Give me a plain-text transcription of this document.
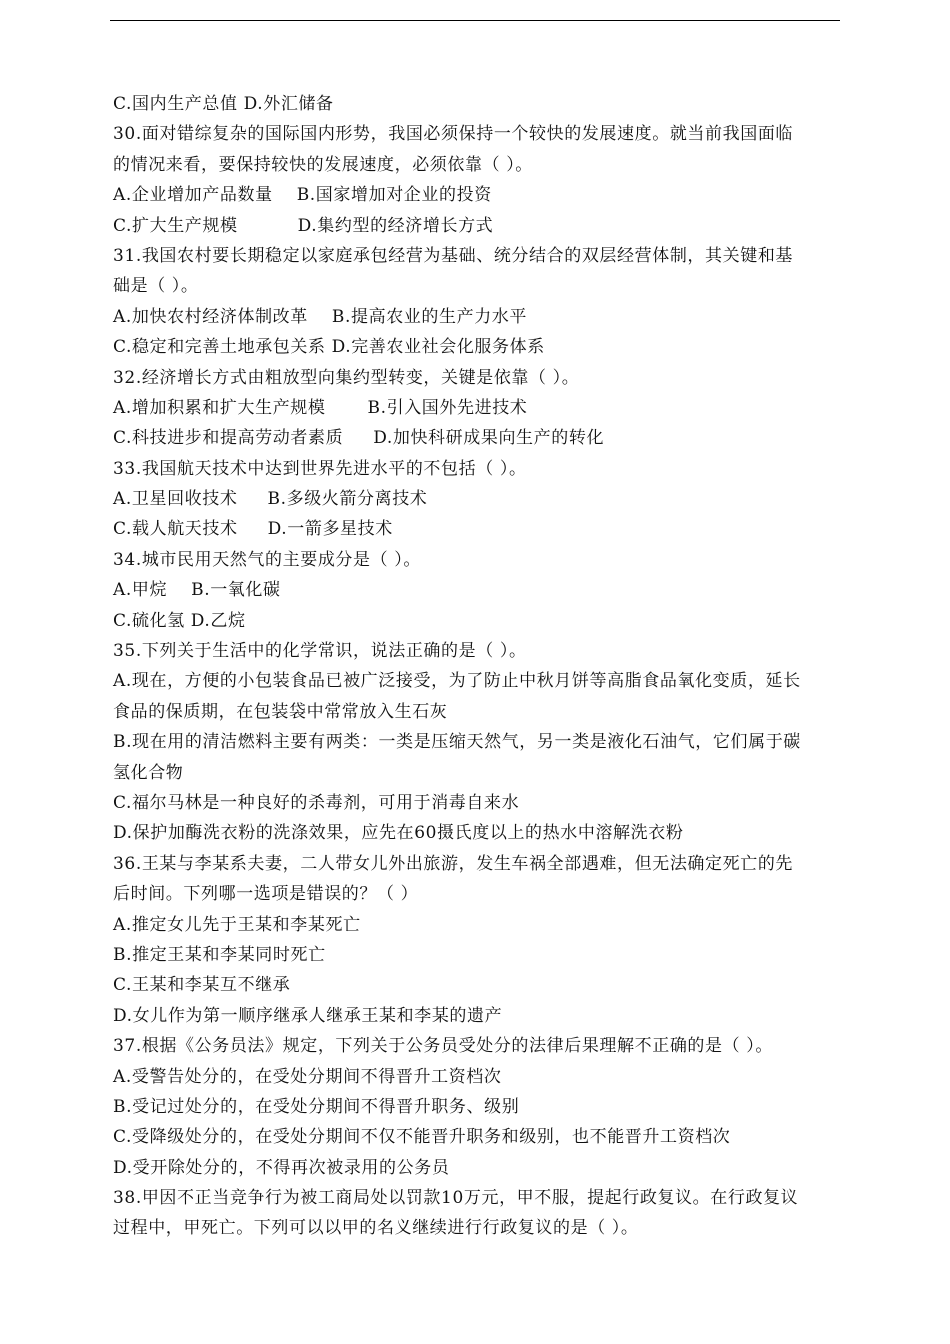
C.国内生产总值 D.外汇储备
30.面对错综复杂的国际国内形势，我国必须保持一个较快的发展速度。就当前我国面临
的情况来看，要保持较快的发展速度，必须依靠（ ）。
A.企业增加产品数量    B.国家增加对企业的投资
C.扩大生产规模          D.集约型的经济增长方式
31.我国农村要长期稳定以家庭承包经营为基础、统分结合的双层经营体制，其关键和基
础是（ ）。
A.加快农村经济体制改革    B.提高农业的生产力水平
C.稳定和完善土地承包关系 D.完善农业社会化服务体系
32.经济增长方式由粗放型向集约型转变，关键是依靠（ ）。
A.增加积累和扩大生产规模       B.引入国外先进技术
C.科技进步和提高劳动者素质     D.加快科研成果向生产的转化
33.我国航天技术中达到世界先进水平的不包括（ ）。
A.卫星回收技术     B.多级火箭分离技术
C.载人航天技术     D.一箭多星技术
34.城市民用天然气的主要成分是（ ）。
A.甲烷    B.一氧化碳
C.硫化氢 D.乙烷
35.下列关于生活中的化学常识，说法正确的是（ ）。
A.现在，方便的小包装食品已被广泛接受，为了防止中秋月饼等高脂食品氧化变质，延长
食品的保质期，在包装袋中常常放入生石灰
B.现在用的清洁燃料主要有两类：一类是压缩天然气，另一类是液化石油气，它们属于碳
氢化合物
C.福尔马林是一种良好的杀毒剂，可用于消毒自来水
D.保护加酶洗衣粉的洗涤效果，应先在60摄氏度以上的热水中溶解洗衣粉
36.王某与李某系夫妻，二人带女儿外出旅游，发生车祸全部遇难，但无法确定死亡的先
后时间。下列哪一选项是错误的？（ ）
A.推定女儿先于王某和李某死亡
B.推定王某和李某同时死亡
C.王某和李某互不继承
D.女儿作为第一顺序继承人继承王某和李某的遗产
37.根据《公务员法》规定，下列关于公务员受处分的法律后果理解不正确的是（ ）。
A.受警告处分的，在受处分期间不得晋升工资档次
B.受记过处分的，在受处分期间不得晋升职务、级别
C.受降级处分的，在受处分期间不仅不能晋升职务和级别，也不能晋升工资档次
D.受开除处分的，不得再次被录用的公务员
38.甲因不正当竞争行为被工商局处以罚款10万元，甲不服，提起行政复议。在行政复议
过程中，甲死亡。下列可以以甲的名义继续进行行政复议的是（ ）。
